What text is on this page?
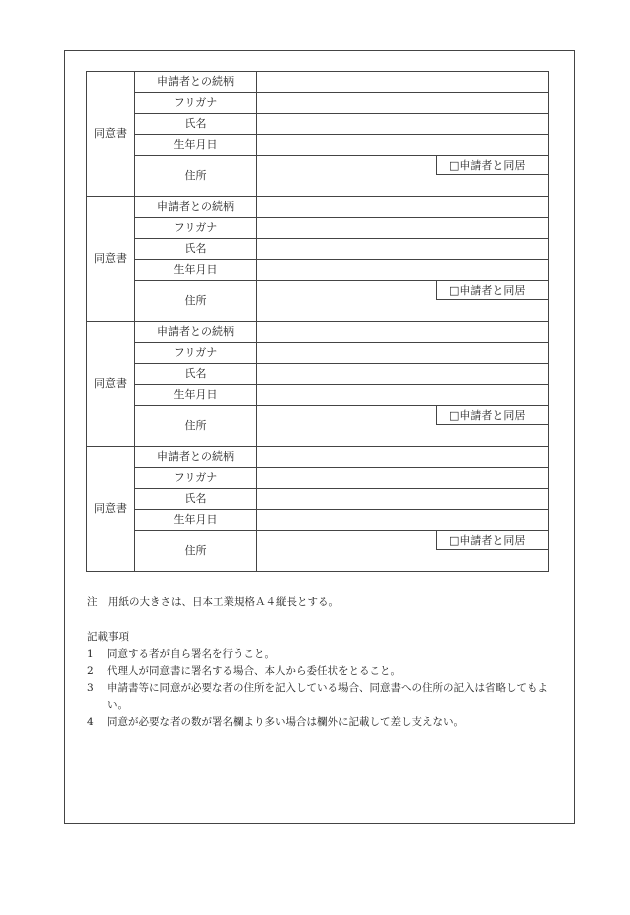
同意書	申請者との続柄	
	フリガナ	
	氏名	
	生年月日	
	住所	□申請者と同居

同意書	申請者との続柄	
	フリガナ	
	氏名	
	生年月日	
	住所	□申請者と同居

同意書	申請者との続柄	
	フリガナ	
	氏名	
	生年月日	
	住所	□申請者と同居

同意書	申請者との続柄	
	フリガナ	
	氏名	
	生年月日	
	住所	□申請者と同居

注　用紙の大きさは、日本工業規格Ａ４縦長とする。

記載事項

1	同意する者が自ら署名を行うこと。
2	代理人が同意書に署名する場合、本人から委任状をとること。
3	申請書等に同意が必要な者の住所を記入している場合、同意書への住所の記入は省略してもよい。
4	同意が必要な者の数が署名欄より多い場合は欄外に記載して差し支えない。
